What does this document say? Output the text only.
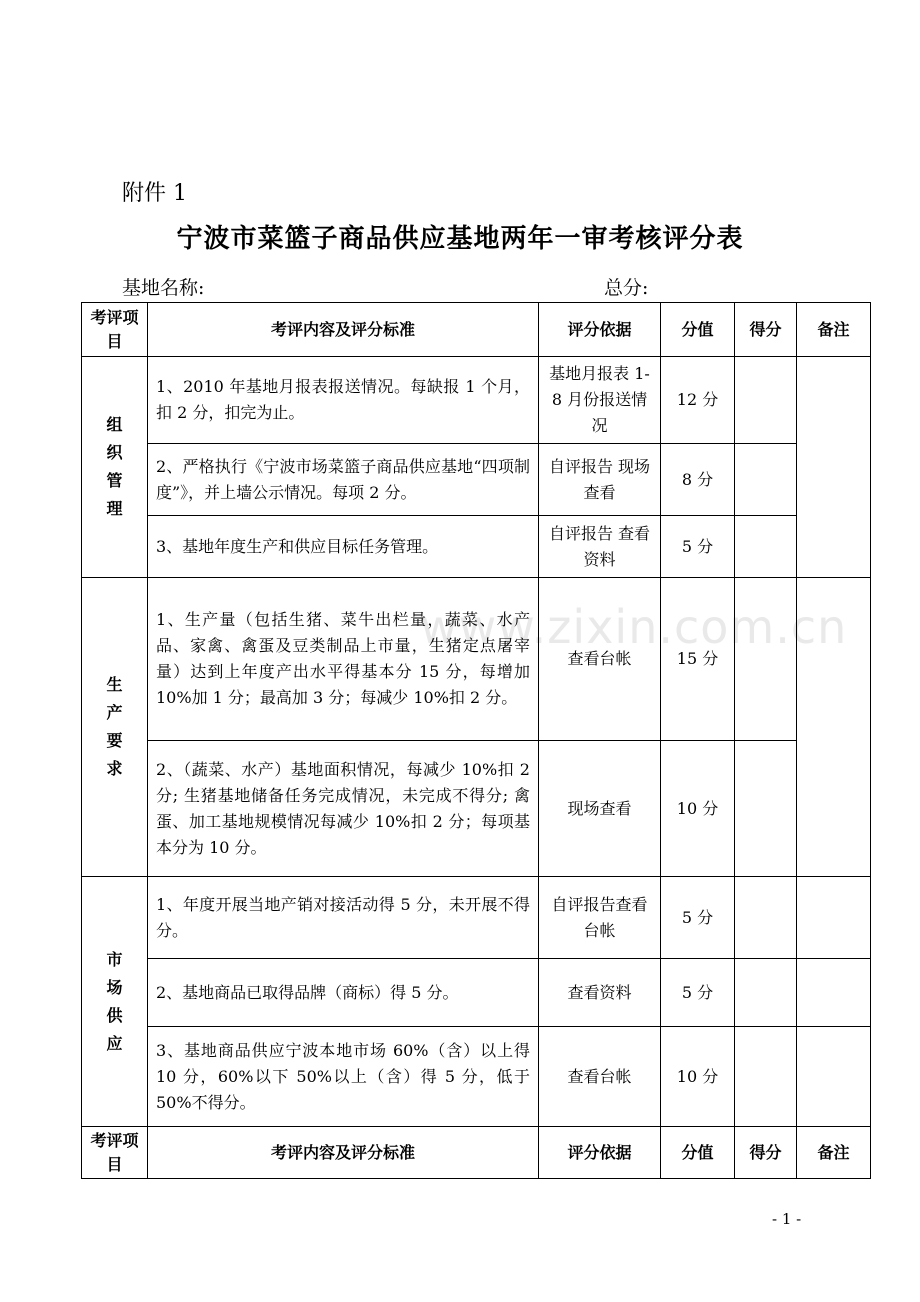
附件 1
宁波市菜篮子商品供应基地两年一审考核评分表
基地名称:	总分:
www.zixin.com.cn
考评项目	考评内容及评分标准	评分依据	分值	得分	备注
组织管理	1、2010 年基地月报表报送情况。每缺报 1 个月，扣 2 分，扣完为止。	基地月报表 1-8 月份报送情况	12 分		
	2、严格执行《宁波市场菜篮子商品供应基地“四项制度”》，并上墙公示情况。每项 2 分。	自评报告 现场查看	8 分		
	3、基地年度生产和供应目标任务管理。	自评报告 查看资料	5 分		
生产要求	1、生产量（包括生猪、菜牛出栏量，蔬菜、水产品、家禽、禽蛋及豆类制品上市量，生猪定点屠宰量）达到上年度产出水平得基本分 15 分，每增加 10%加 1 分；最高加 3 分；每减少 10%扣 2 分。	查看台帐	15 分		
	2、（蔬菜、水产）基地面积情况，每减少 10%扣 2 分; 生猪基地储备任务完成情况，未完成不得分; 禽蛋、加工基地规模情况每减少 10%扣 2 分；每项基本分为 10 分。	现场查看	10 分		
市场供应	1、年度开展当地产销对接活动得 5 分，未开展不得分。	自评报告查看台帐	5 分		
	2、基地商品已取得品牌（商标）得 5 分。	查看资料	5 分		
	3、基地商品供应宁波本地市场 60%（含）以上得 10 分，60%以下 50%以上（含）得 5 分，低于 50%不得分。	查看台帐	10 分		
考评项目	考评内容及评分标准	评分依据	分值	得分	备注
- 1 -
